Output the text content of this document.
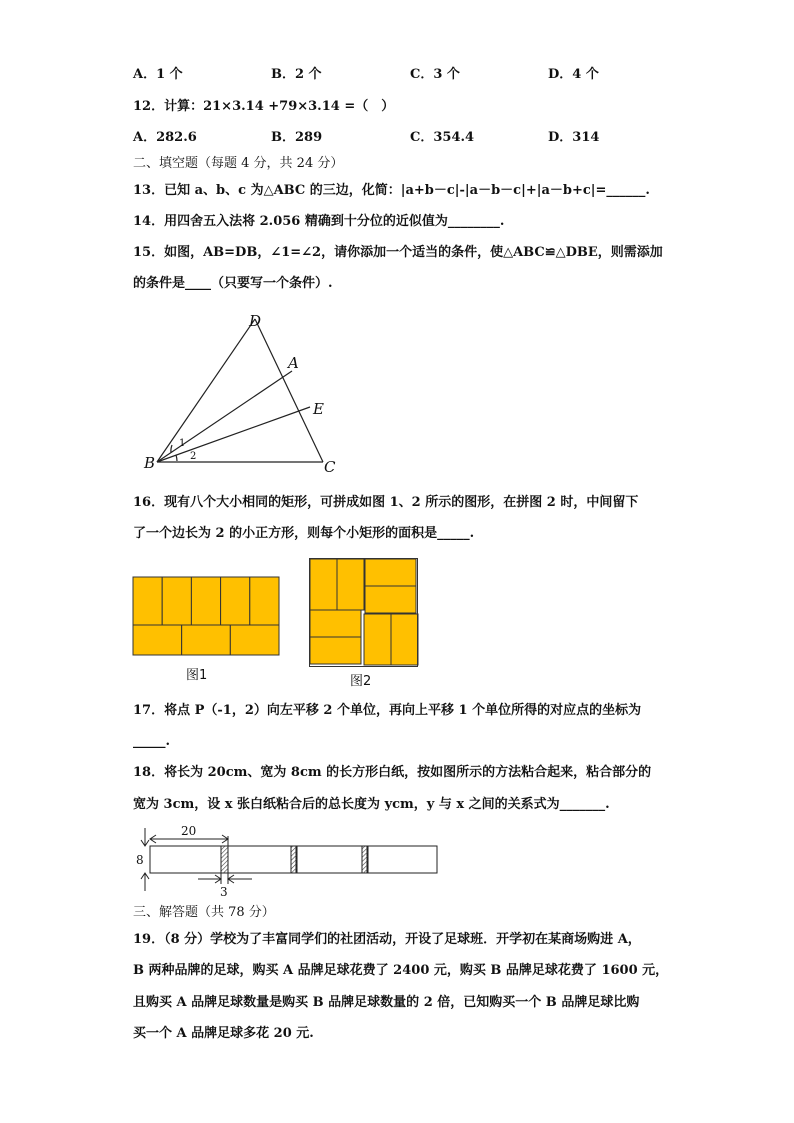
A．1 个	B．2 个	C．3 个	D．4 个
12．计算：21×3.14 +79×3.14 =（　）
A．282.6	B．289	C．354.4	D．314
二、填空题（每题 4 分，共 24 分）
13．已知 a、b、c 为△ABC 的三边，化简：|a+b－c|-|a－b－c|+|a－b+c|=______.
14．用四舍五入法将 2.056 精确到十分位的近似值为________.
15．如图，AB=DB，∠1=∠2，请你添加一个适当的条件，使△ABC≌△DBE，则需添加
的条件是____（只要写一个条件）.
D
A
E
B	C
1
2
16．现有八个大小相同的矩形，可拼成如图 1、2 所示的图形，在拼图 2 时，中间留下
了一个边长为 2 的小正方形，则每个小矩形的面积是_____.
图1	图2
17．将点 P（-1，2）向左平移 2 个单位，再向上平移 1 个单位所得的对应点的坐标为
_____.
18．将长为 20cm、宽为 8cm 的长方形白纸，按如图所示的方法粘合起来，粘合部分的
宽为 3cm，设 x 张白纸粘合后的总长度为 ycm，y 与 x 之间的关系式为_______.
20
8
3
三、解答题（共 78 分）
19．（8 分）学校为了丰富同学们的社团活动，开设了足球班．开学初在某商场购进 A，
B 两种品牌的足球，购买 A 品牌足球花费了 2400 元，购买 B 品牌足球花费了 1600 元，
且购买 A 品牌足球数量是购买 B 品牌足球数量的 2 倍，已知购买一个 B 品牌足球比购
买一个 A 品牌足球多花 20 元.
